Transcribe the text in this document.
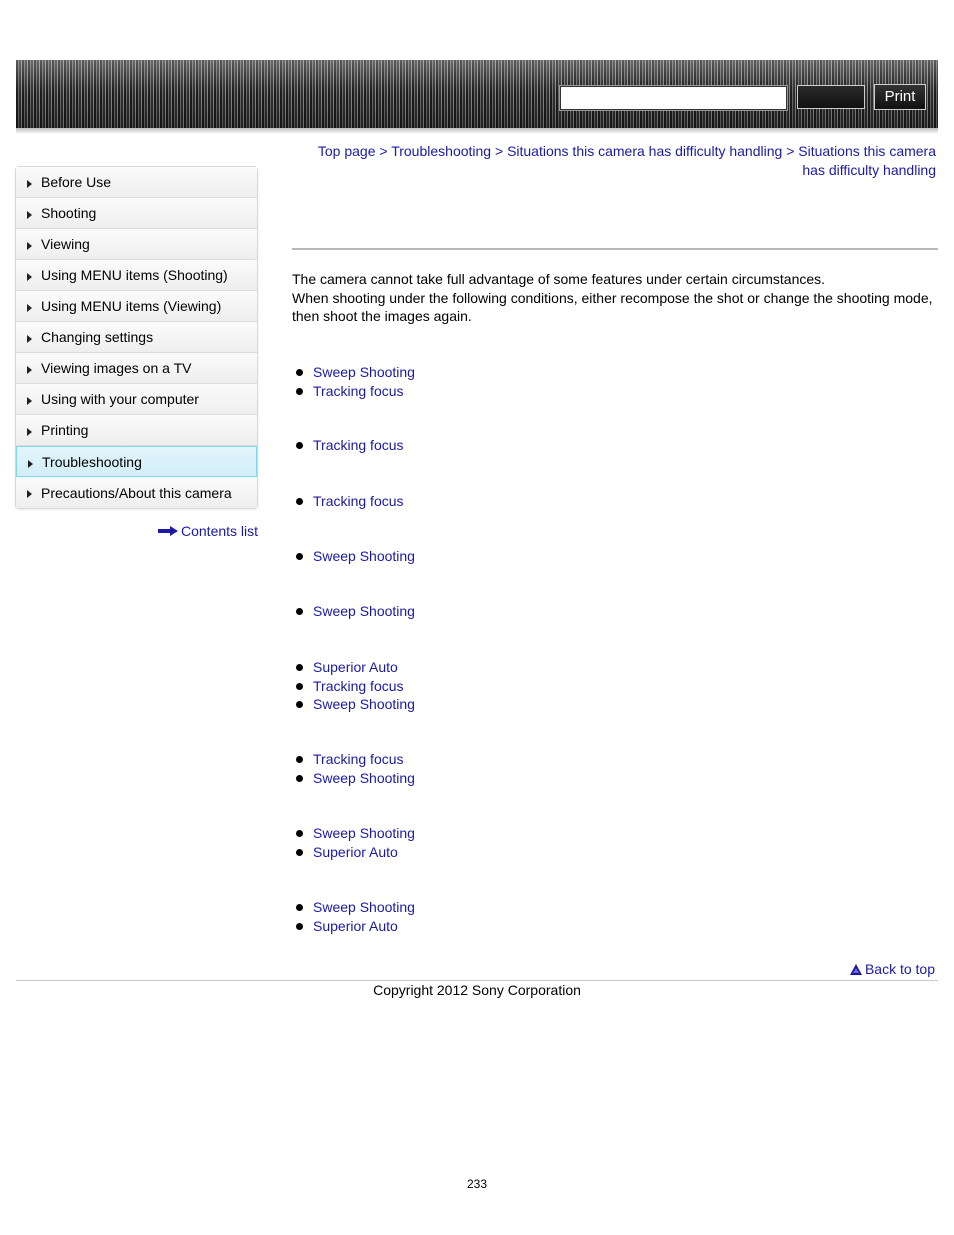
Print
Before Use
Shooting
Viewing
Using MENU items (Shooting)
Using MENU items (Viewing)
Changing settings
Viewing images on a TV
Using with your computer
Printing
Troubleshooting
Precautions/About this camera
Contents list
Top page > Troubleshooting > Situations this camera has difficulty handling > Situations this camera
has difficulty handling
The camera cannot take full advantage of some features under certain circumstances.
When shooting under the following conditions, either recompose the shot or change the shooting mode, then shoot the images again.
Sweep Shooting
Tracking focus
Tracking focus
Tracking focus
Sweep Shooting
Sweep Shooting
Superior Auto
Tracking focus
Sweep Shooting
Tracking focus
Sweep Shooting
Sweep Shooting
Superior Auto
Sweep Shooting
Superior Auto
Back to top
Copyright 2012 Sony Corporation
233
